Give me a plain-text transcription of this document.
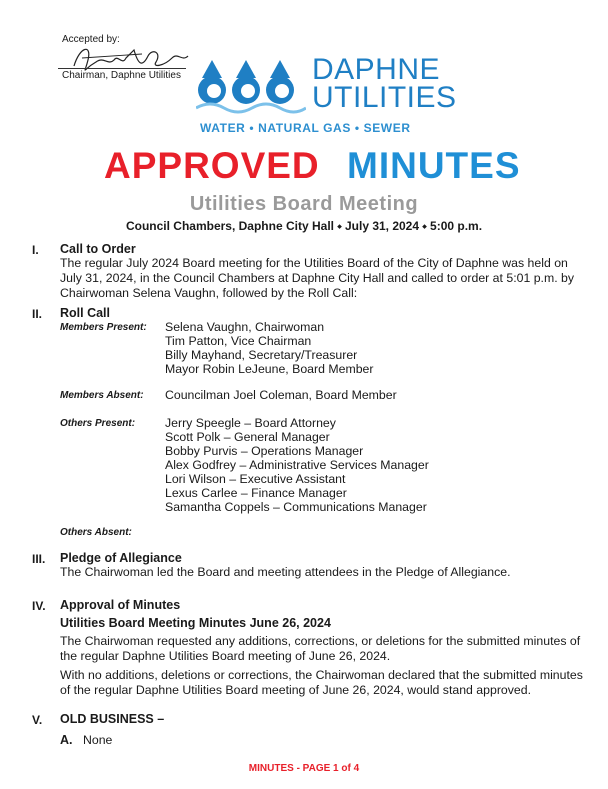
Accepted by:
Chairman, Daphne Utilities	DAPHNE
UTILITIES
WATER • NATURAL GAS • SEWER
APPROVED MINUTES
Utilities Board Meeting
Council Chambers, Daphne City Hall ⬩ July 31, 2024 ⬩ 5:00 p.m.
I. Call to Order
The regular July 2024 Board meeting for the Utilities Board of the City of Daphne was held on
July 31, 2024, in the Council Chambers at Daphne City Hall and called to order at 5:01 p.m. by
Chairwoman Selena Vaughn, followed by the Roll Call:
II. Roll Call
Members Present: Selena Vaughn, Chairwoman
Tim Patton, Vice Chairman
Billy Mayhand, Secretary/Treasurer
Mayor Robin LeJeune, Board Member
Members Absent: Councilman Joel Coleman, Board Member
Others Present: Jerry Speegle – Board Attorney
Scott Polk – General Manager
Bobby Purvis – Operations Manager
Alex Godfrey – Administrative Services Manager
Lori Wilson – Executive Assistant
Lexus Carlee – Finance Manager
Samantha Coppels – Communications Manager
Others Absent:
III. Pledge of Allegiance
The Chairwoman led the Board and meeting attendees in the Pledge of Allegiance.
IV. Approval of Minutes
Utilities Board Meeting Minutes June 26, 2024
The Chairwoman requested any additions, corrections, or deletions for the submitted minutes of
the regular Daphne Utilities Board meeting of June 26, 2024.
With no additions, deletions or corrections, the Chairwoman declared that the submitted minutes
of the regular Daphne Utilities Board meeting of June 26, 2024, would stand approved.
V. OLD BUSINESS –
A. None
MINUTES - PAGE 1 of 4
